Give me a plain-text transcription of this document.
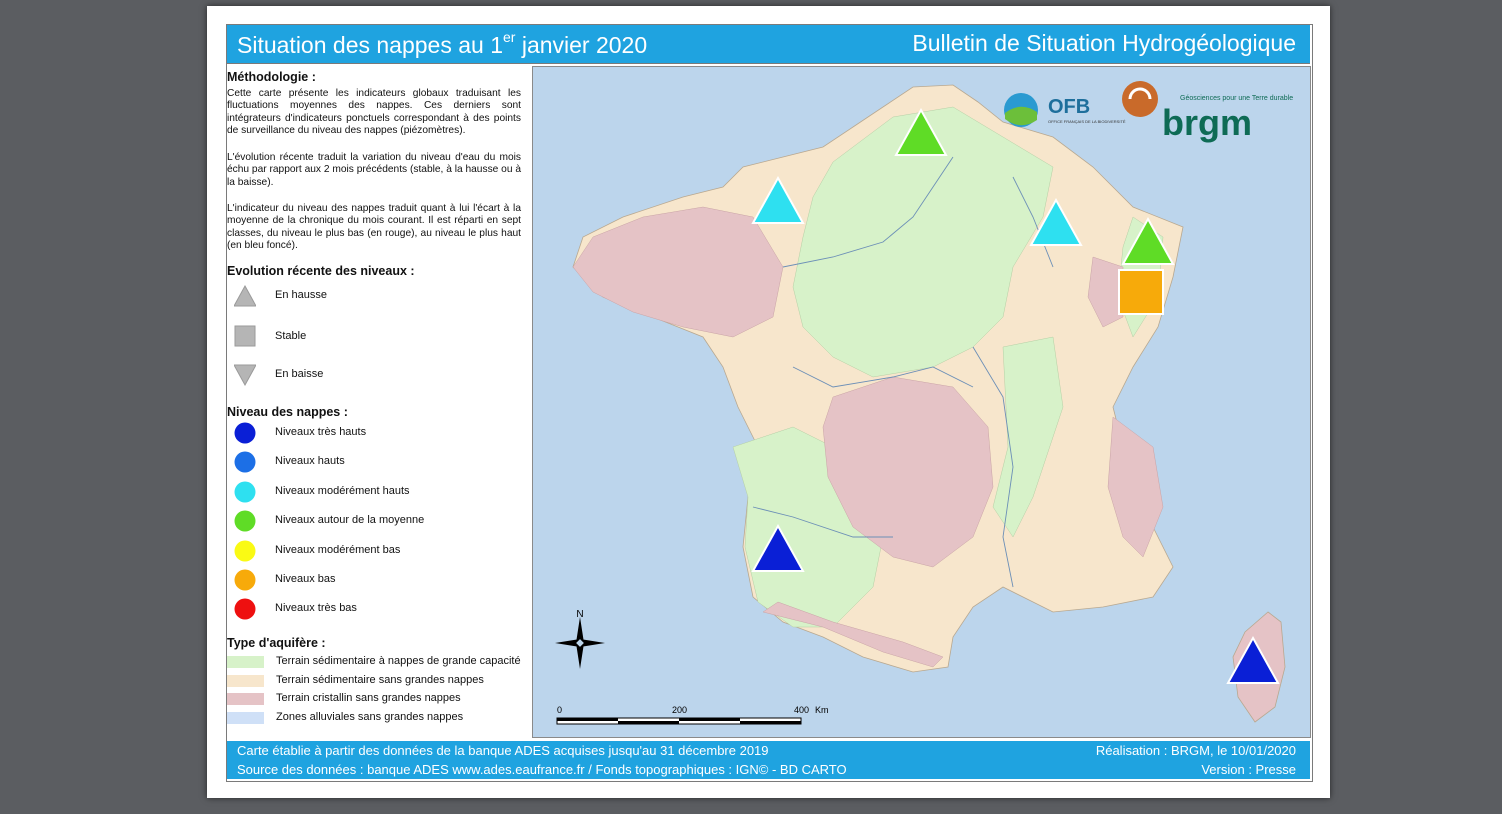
Situation des nappes au 1er janvier 2020	Bulletin de Situation Hydrogéologique
Méthodologie :
Cette carte présente les indicateurs globaux traduisant les fluctuations moyennes des nappes. Ces derniers sont intégrateurs d'indicateurs ponctuels correspondant à des points de surveillance du niveau des nappes (piézomètres).
L'évolution récente traduit la variation du niveau d'eau du mois échu par rapport aux 2 mois précédents (stable, à la hausse ou à la baisse).
L'indicateur du niveau des nappes traduit quant à lui l'écart à la moyenne de la chronique du mois courant. Il est réparti en sept classes, du niveau le plus bas (en rouge), au niveau le plus haut (en bleu foncé).
Evolution récente des niveaux :
En hausse
Stable
En baisse
Niveau des nappes :
Niveaux très hauts
Niveaux hauts
Niveaux modérément hauts
Niveaux autour de la moyenne
Niveaux modérément bas
Niveaux bas
Niveaux très bas
Type d'aquifère :
Terrain sédimentaire à nappes de grande capacité
Terrain sédimentaire sans grandes nappes
Terrain cristallin sans grandes nappes
Zones alluviales sans grandes nappes
N
0	200	400 Km
OFB
OFFICE FRANÇAIS DE LA BIODIVERSITÉ
Géosciences pour une Terre durable
brgm
Carte établie à partir des données de la banque ADES acquises jusqu'au 31 décembre 2019
Source des données : banque ADES www.ades.eaufrance.fr / Fonds topographiques : IGN© - BD CARTO
Réalisation : BRGM, le 10/01/2020
Version : Presse
